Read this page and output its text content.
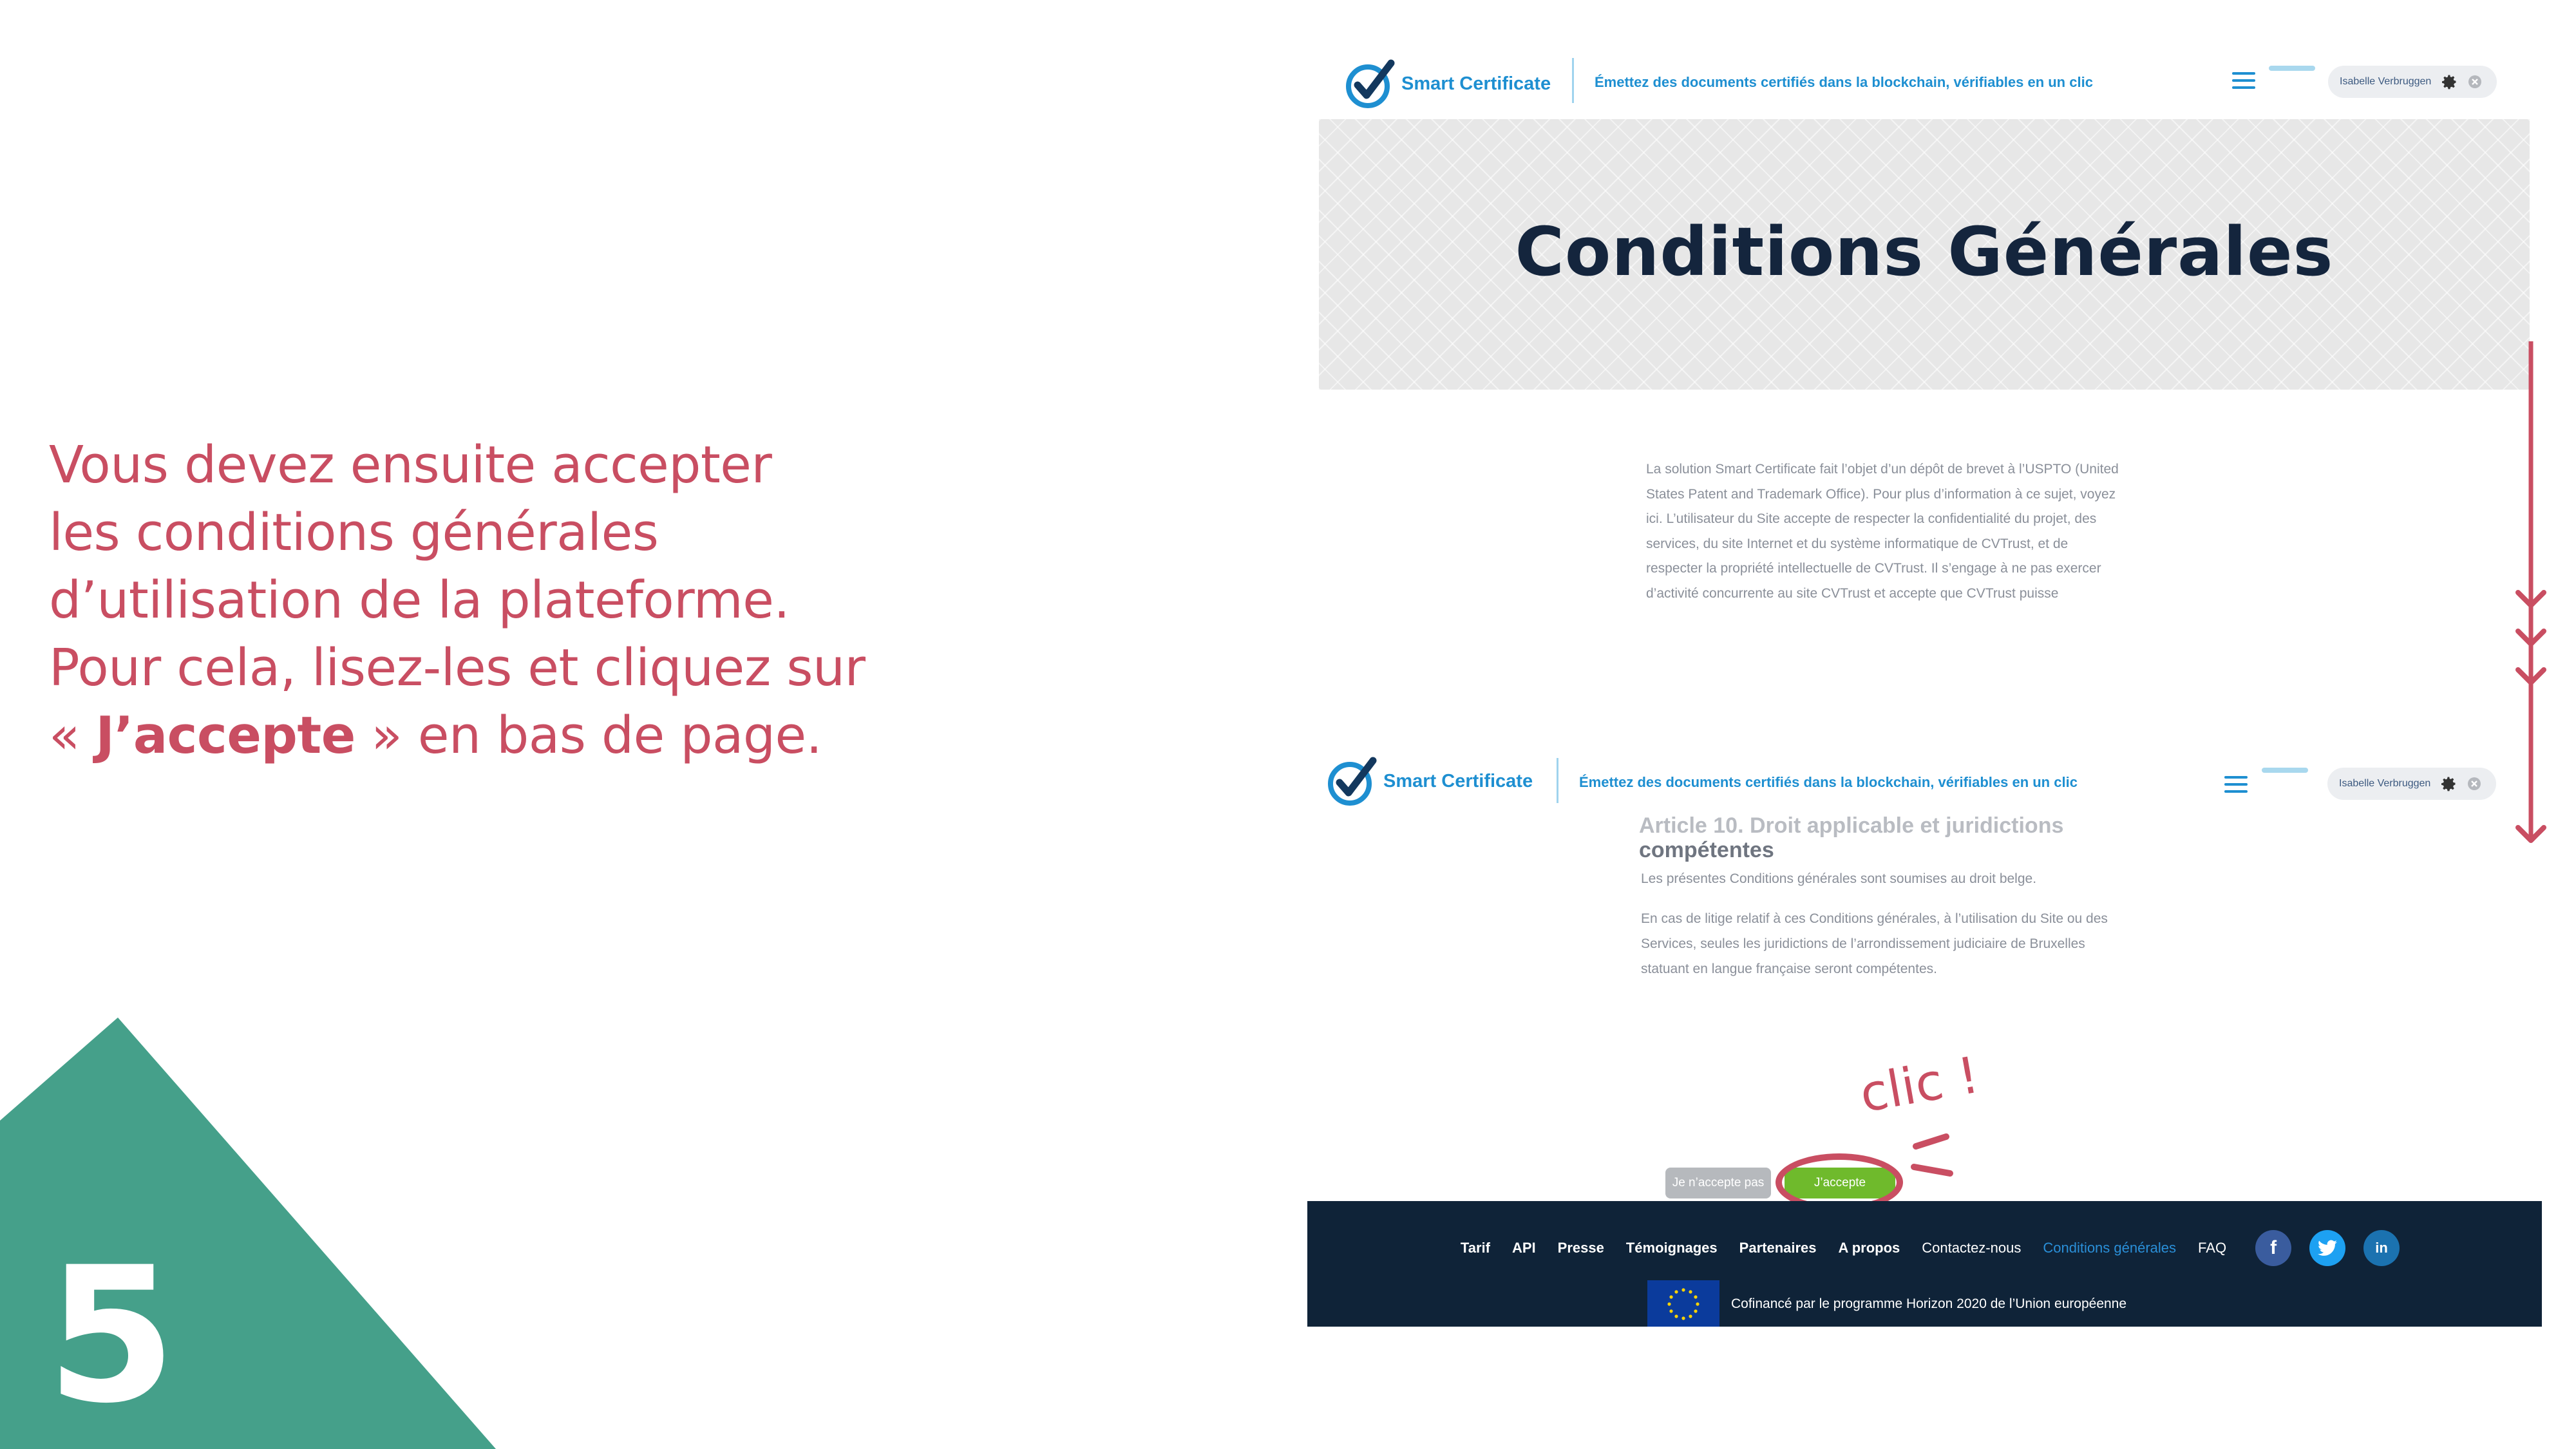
Vous devez ensuite accepter
les conditions générales
d’utilisation de la plateforme.
Pour cela, lisez-les et cliquez sur
« J’accepte » en bas de page.
5
Smart Certificate	Émettez des documents certifiés dans la blockchain, vérifiables en un clic	Isabelle Verbruggen
Conditions Générales
La solution Smart Certificate fait l’objet d’un dépôt de brevet à l’USPTO (United
States Patent and Trademark Office). Pour plus d’information à ce sujet, voyez
ici. L’utilisateur du Site accepte de respecter la confidentialité du projet, des
services, du site Internet et du système informatique de CVTrust, et de
respecter la propriété intellectuelle de CVTrust. Il s’engage à ne pas exercer
d’activité concurrente au site CVTrust et accepte que CVTrust puisse
Article 10. Droit applicable et juridictions
compétentes
Smart Certificate	Émettez des documents certifiés dans la blockchain, vérifiables en un clic	Isabelle Verbruggen
Les présentes Conditions générales sont soumises au droit belge.
En cas de litige relatif à ces Conditions générales, à l’utilisation du Site ou des
Services, seules les juridictions de l’arrondissement judiciaire de Bruxelles
statuant en langue française seront compétentes.
Je n’accepte pas	J’accepte
Tarif API Presse Témoignages Partenaires A propos Contactez-nous Conditions générales FAQ	f	in
Cofinancé par le programme Horizon 2020 de l’Union européenne
clic !
